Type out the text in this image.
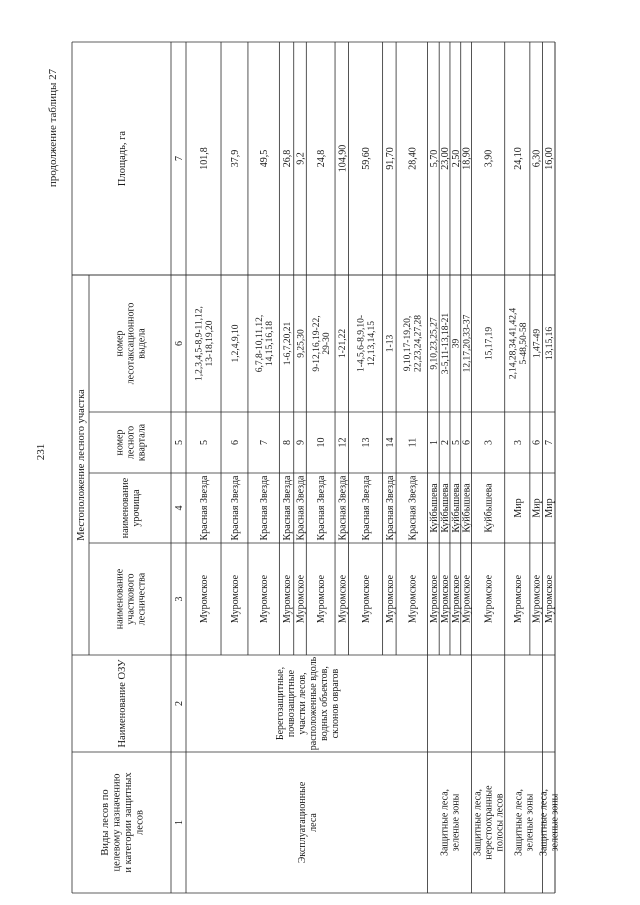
Виды лесов поцелевому назначениюи категории защитныхлесов
Наименование ОЗУ
Местоположение лесного участка
наименованиеучастковоголесничества
наименованиеурочища
номерлесногоквартала
номерлесотаксационноговыдела
Площадь, га
1
2
3
4
5
6
7
Эксплуатационныелеса	Защитные леса,зеленые зоны Защитные леса,нерестоохранныеполосы лесов Защитные леса,зеленые зоны Защитные леса,зеленые зоны
Берегозащитные,почвозащитныеучастки лесов,расположенные вдольводных объектов,склонов оврагов
Муромское
Красная Звезда
5
1,2,3,4,5-8,9-11,12,13-18,19,20
101,8
Муромское
Красная Звезда
6
1,2,4,9,10
37,9
Муромское
Красная Звезда
7
6,7,8-10,11,12,14,15,16,18
49,5
Муромское
Красная Звезда
8
1-6,7,20,21
26,8
Муромское
Красная Звезда
9
9,25,30
9,2
Муромское
Красная Звезда
10
9-12,16,19-22,29-30
24,8
Муромское
Красная Звезда
12
1-21,22
104,90
Муромское
Красная Звезда
13
1-4,5,6-8,9,10-12,13,14,15
59,60
Муромское
Красная Звезда
14
1-13
91,70
Муромское
Красная Звезда
11
9,10,17-19,20,22,23,24,27,28
28,40
Муромское
Куйбышева
1
9,10,23,25,27
5,70
Муромское
Куйбышева
2
3-5,11-13,18-21
23,00
Муромское
Куйбышева
5
39
2,50
Муромское
Куйбышева
6
12,17,20,33-37
18,90
Муромское
Куйбышева
3
15,17,19
3,90
Муромское
Мир
3
2,14,28,34,41,42,45-48,50-58
24,10
Муромское
Мир
6
1,47-49
6,30
Муромское
Мир
7
13,15,16
16,00
231
продолжение таблицы 27
